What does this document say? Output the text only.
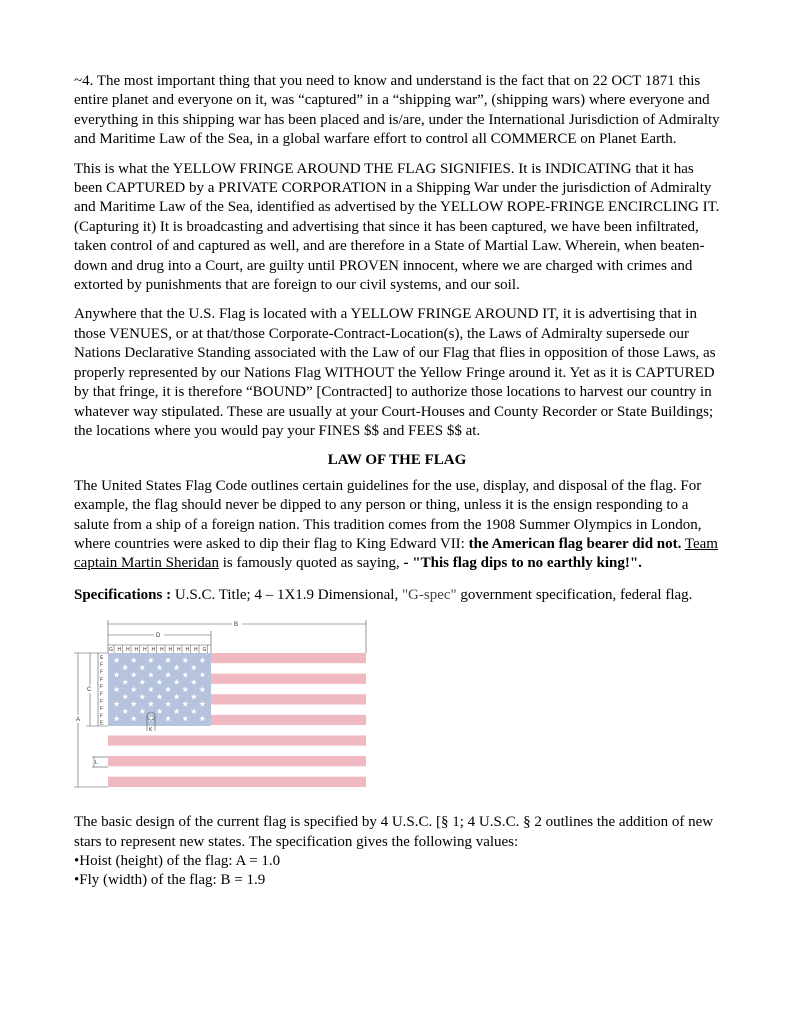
~4. The most important thing that you need to know and understand is the fact that on 22 OCT 1871 this entire planet and everyone on it, was “captured” in a “shipping war”, (shipping wars) where everyone and everything in this shipping war has been placed and is/are, under the International Jurisdiction of Admiralty and Maritime Law of the Sea, in a global warfare effort to control all COMMERCE on Planet Earth.

This is what the YELLOW FRINGE AROUND THE FLAG SIGNIFIES. It is INDICATING that it has been CAPTURED by a PRIVATE CORPORATION in a Shipping War under the jurisdiction of Admiralty and Maritime Law of the Sea, identified as advertised by the YELLOW ROPE-FRINGE ENCIRCLING IT. (Capturing it) It is broadcasting and advertising that since it has been captured, we have been infiltrated, taken control of and captured as well, and are therefore in a State of Martial Law. Wherein, when beaten-down and drug into a Court, are guilty until PROVEN innocent, where we are charged with crimes and extorted by punishments that are foreign to our civil systems, and our soil.

Anywhere that the U.S. Flag is located with a YELLOW FRINGE AROUND IT, it is advertising that in those VENUES, or at that/those Corporate-Contract-Location(s), the Laws of Admiralty supersede our Nations Declarative Standing associated with the Law of our Flag that flies in opposition of those Laws, as properly represented by our Nations Flag WITHOUT the Yellow Fringe around it. Yet as it is CAPTURED by that fringe, it is therefore “BOUND” [Contracted] to authorize those locations to harvest our country in whatever way stipulated. These are usually at your Court-Houses and County Recorder or State Buildings; the locations where you would pay your FINES $$ and FEES $$ at.

LAW OF THE FLAG

The United States Flag Code outlines certain guidelines for the use, display, and disposal of the flag. For example, the flag should never be dipped to any person or thing, unless it is the ensign responding to a salute from a ship of a foreign nation. This tradition comes from the 1908 Summer Olympics in London, where countries were asked to dip their flag to King Edward VII: the American flag bearer did not. Team captain Martin Sheridan is famously quoted as saying, - "This flag dips to no earthly king!".

Specifications : U.S.C. Title; 4 – 1X1.9 Dimensional, "G-spec" government specification, federal flag.

B
D
G H H H H H H H H H H G
E
F
F
F
F
F
F
F
F
E
A
C
L
K

The basic design of the current flag is specified by 4 U.S.C. [§ 1; 4 U.S.C. § 2 outlines the addition of new stars to represent new states. The specification gives the following values:

•Hoist (height) of the flag: A = 1.0

•Fly (width) of the flag: B = 1.9
